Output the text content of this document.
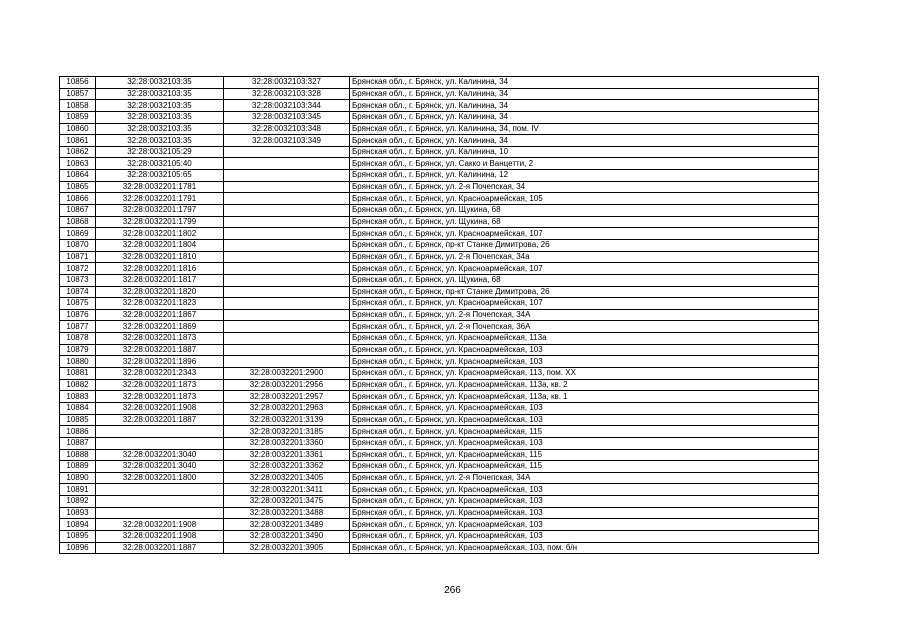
10856	32:28:0032103:35	32:28:0032103:327	Брянская обл., г. Брянск, ул. Калинина, 34
10857	32:28:0032103:35	32:28:0032103:328	Брянская обл., г. Брянск, ул. Калинина, 34
10858	32:28:0032103:35	32:28:0032103:344	Брянская обл., г. Брянск, ул. Калинина, 34
10859	32:28:0032103:35	32:28:0032103:345	Брянская обл., г. Брянск, ул. Калинина, 34
10860	32:28:0032103:35	32:28:0032103:348	Брянская обл., г. Брянск, ул. Калинина, 34, пом. IV
10861	32:28:0032103:35	32:28:0032103:349	Брянская обл., г. Брянск, ул. Калинина, 34
10862	32:28:0032105:29		Брянская обл., г. Брянск, ул. Калинина, 10
10863	32:28:0032105:40		Брянская обл., г. Брянск, ул. Сакко и Ванцетти, 2
10864	32:28:0032105:65		Брянская обл., г. Брянск, ул. Калинина, 12
10865	32:28:0032201:1781		Брянская обл., г. Брянск, ул. 2-я Почепская, 34
10866	32:28:0032201:1791		Брянская обл., г. Брянск, ул. Красноармейская, 105
10867	32:28:0032201:1797		Брянская обл., г. Брянск, ул. Щукина, 68
10868	32:28:0032201:1799		Брянская обл., г. Брянск, ул. Щукина, 68
10869	32:28:0032201:1802		Брянская обл., г. Брянск, ул. Красноармейская, 107
10870	32:28:0032201:1804		Брянская обл., г. Брянск, пр-кт Станке Димитрова, 26
10871	32:28:0032201:1810		Брянская обл., г. Брянск, ул. 2-я Почепская, 34а
10872	32:28:0032201:1816		Брянская обл., г. Брянск, ул. Красноармейская, 107
10873	32:28:0032201:1817		Брянская обл., г. Брянск, ул. Щукина, 68
10874	32:28:0032201:1820		Брянская обл., г. Брянск, пр-кт Станке Димитрова, 26
10875	32:28:0032201:1823		Брянская обл., г. Брянск, ул. Красноармейская, 107
10876	32:28:0032201:1867		Брянская обл., г. Брянск, ул. 2-я Почепская, 34А
10877	32:28:0032201:1869		Брянская обл., г. Брянск, ул. 2-я Почепская, 36А
10878	32:28:0032201:1873		Брянская обл., г. Брянск, ул. Красноармейская, 113а
10879	32:28:0032201:1887		Брянская обл., г. Брянск, ул. Красноармейская, 103
10880	32:28:0032201:1896		Брянская обл., г. Брянск, ул. Красноармейская, 103
10881	32:28:0032201:2343	32:28:0032201:2900	Брянская обл., г. Брянск, ул. Красноармейская, 113, пом. XX
10882	32:28:0032201:1873	32:28:0032201:2956	Брянская обл., г. Брянск, ул. Красноармейская, 113а, кв. 2
10883	32:28:0032201:1873	32:28:0032201:2957	Брянская обл., г. Брянск, ул. Красноармейская, 113а, кв. 1
10884	32:28:0032201:1908	32:28:0032201:2963	Брянская обл., г. Брянск, ул. Красноармейская, 103
10885	32:28:0032201:1887	32:28:0032201:3139	Брянская обл., г. Брянск, ул. Красноармейская, 103
10886		32:28:0032201:3185	Брянская обл., г. Брянск, ул. Красноармейская, 115
10887		32:28:0032201:3360	Брянская обл., г. Брянск, ул. Красноармейская, 103
10888	32:28:0032201:3040	32:28:0032201:3361	Брянская обл., г. Брянск, ул. Красноармейская, 115
10889	32:28:0032201:3040	32:28:0032201:3362	Брянская обл., г. Брянск, ул. Красноармейская, 115
10890	32:28:0032201:1800	32:28:0032201:3405	Брянская обл., г. Брянск, ул. 2-я Почепская, 34А
10891		32:28:0032201:3411	Брянская обл., г. Брянск, ул. Красноармейская, 103
10892		32:28:0032201:3475	Брянская обл., г. Брянск, ул. Красноармейская, 103
10893		32:28:0032201:3488	Брянская обл., г. Брянск, ул. Красноармейская, 103
10894	32:28:0032201:1908	32:28:0032201:3489	Брянская обл., г. Брянск, ул. Красноармейская, 103
10895	32:28:0032201:1908	32:28:0032201:3490	Брянская обл., г. Брянск, ул. Красноармейская, 103
10896	32:28:0032201:1887	32:28:0032201:3905	Брянская обл., г. Брянск, ул. Красноармейская, 103, пом. б/н
266
